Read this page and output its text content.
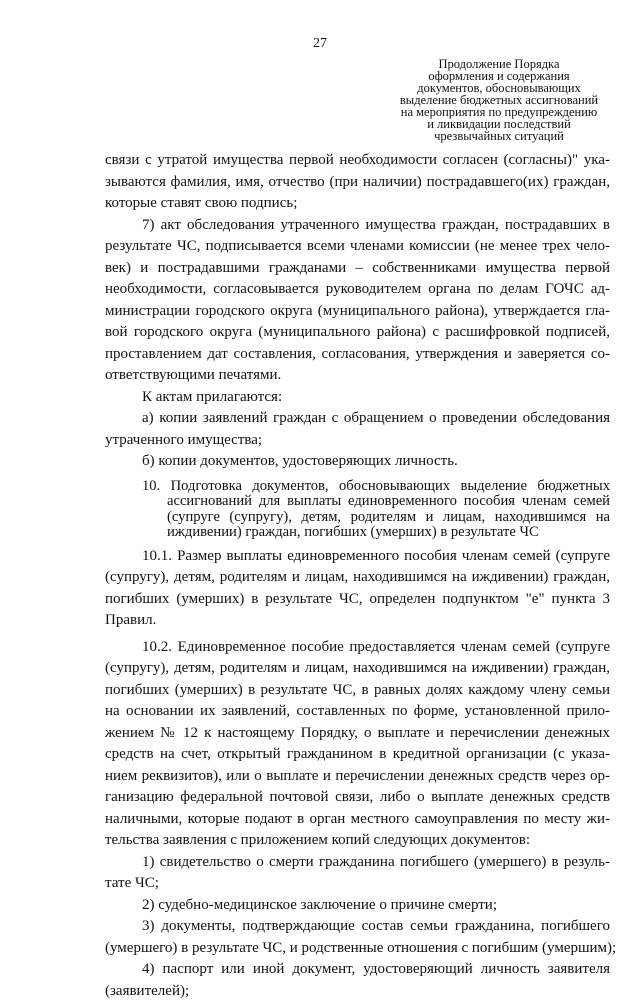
27
Продолжение Порядка
оформления и содержания
документов, обосновывающих
выделение бюджетных ассигнований
на мероприятия по предупреждению
и ликвидации последствий
чрезвычайных ситуаций
связи с утратой имущества первой необходимости согласен (согласны)" ука-
зываются фамилия, имя, отчество (при наличии) пострадавшего(их) граждан,
которые ставят свою подпись;
7) акт обследования утраченного имущества граждан, пострадавших в
результате ЧС, подписывается всеми членами комиссии (не менее трех чело-
век) и пострадавшими гражданами – собственниками имущества первой
необходимости, согласовывается руководителем органа по делам ГОЧС ад-
министрации городского округа (муниципального района), утверждается гла-
вой городского округа (муниципального района) с расшифровкой подписей,
проставлением дат составления, согласования, утверждения и заверяется со-
ответствующими печатями.
К актам прилагаются:
а) копии заявлений граждан с обращением о проведении обследования
утраченного имущества;
б) копии документов, удостоверяющих личность.
10. Подготовка документов, обосновывающих выделение бюджетных
ассигнований для выплаты единовременного пособия членам семей
(супруге (супругу), детям, родителям и лицам, находившимся на
иждивении) граждан, погибших (умерших) в результате ЧС
10.1. Размер выплаты единовременного пособия членам семей (супруге
(супругу), детям, родителям и лицам, находившимся на иждивении) граждан,
погибших (умерших) в результате ЧС, определен подпунктом "е" пункта 3
Правил.
10.2. Единовременное пособие предоставляется членам семей (супруге
(супругу), детям, родителям и лицам, находившимся на иждивении) граждан,
погибших (умерших) в результате ЧС, в равных долях каждому члену семьи
на основании их заявлений, составленных по форме, установленной прило-
жением № 12 к настоящему Порядку, о выплате и перечислении денежных
средств на счет, открытый гражданином в кредитной организации (с указа-
нием реквизитов), или о выплате и перечислении денежных средств через ор-
ганизацию федеральной почтовой связи, либо о выплате денежных средств
наличными, которые подают в орган местного самоуправления по месту жи-
тельства заявления с приложением копий следующих документов:
1) свидетельство о смерти гражданина погибшего (умершего) в резуль-
тате ЧС;
2) судебно-медицинское заключение о причине смерти;
3) документы, подтверждающие состав семьи гражданина, погибшего
(умершего) в результате ЧС, и родственные отношения с погибшим (умершим);
4) паспорт или иной документ, удостоверяющий личность заявителя
(заявителей);
